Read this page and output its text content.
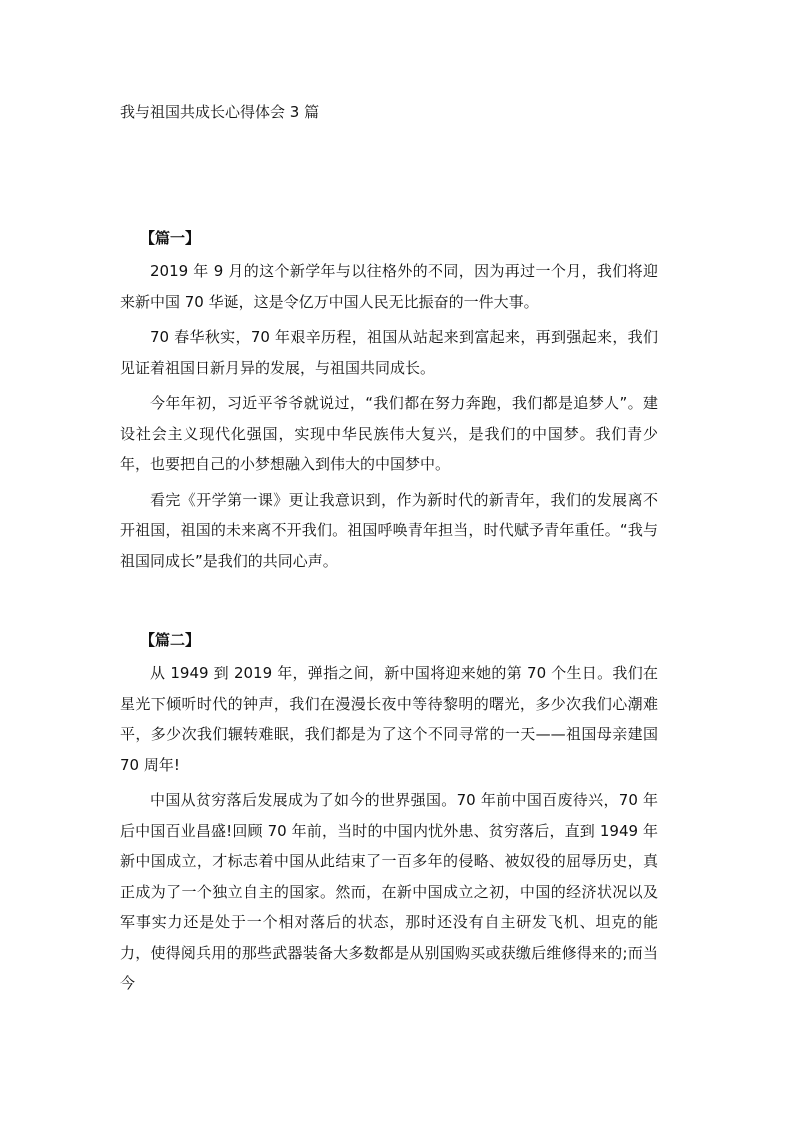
我与祖国共成长心得体会 3 篇
【篇一】

2019 年 9 月的这个新学年与以往格外的不同，因为再过一个月，我们将迎来新中国 70 华诞，这是令亿万中国人民无比振奋的一件大事。

70 春华秋实，70 年艰辛历程，祖国从站起来到富起来，再到强起来，我们见证着祖国日新月异的发展，与祖国共同成长。

今年年初，习近平爷爷就说过，“我们都在努力奔跑，我们都是追梦人”。建设社会主义现代化强国，实现中华民族伟大复兴，是我们的中国梦。我们青少年，也要把自己的小梦想融入到伟大的中国梦中。

看完《开学第一课》更让我意识到，作为新时代的新青年，我们的发展离不开祖国，祖国的未来离不开我们。祖国呼唤青年担当，时代赋予青年重任。“我与祖国同成长”是我们的共同心声。

【篇二】

从 1949 到 2019 年，弹指之间，新中国将迎来她的第 70 个生日。我们在星光下倾听时代的钟声，我们在漫漫长夜中等待黎明的曙光，多少次我们心潮难平，多少次我们辗转难眠，我们都是为了这个不同寻常的一天——祖国母亲建国 70 周年!

中国从贫穷落后发展成为了如今的世界强国。70 年前中国百废待兴，70 年后中国百业昌盛!回顾 70 年前，当时的中国内忧外患、贫穷落后，直到 1949 年新中国成立，才标志着中国从此结束了一百多年的侵略、被奴役的屈辱历史，真正成为了一个独立自主的国家。然而，在新中国成立之初，中国的经济状况以及军事实力还是处于一个相对落后的状态，那时还没有自主研发飞机、坦克的能力，使得阅兵用的那些武器装备大多数都是从别国购买或获缴后维修得来的;而当今
